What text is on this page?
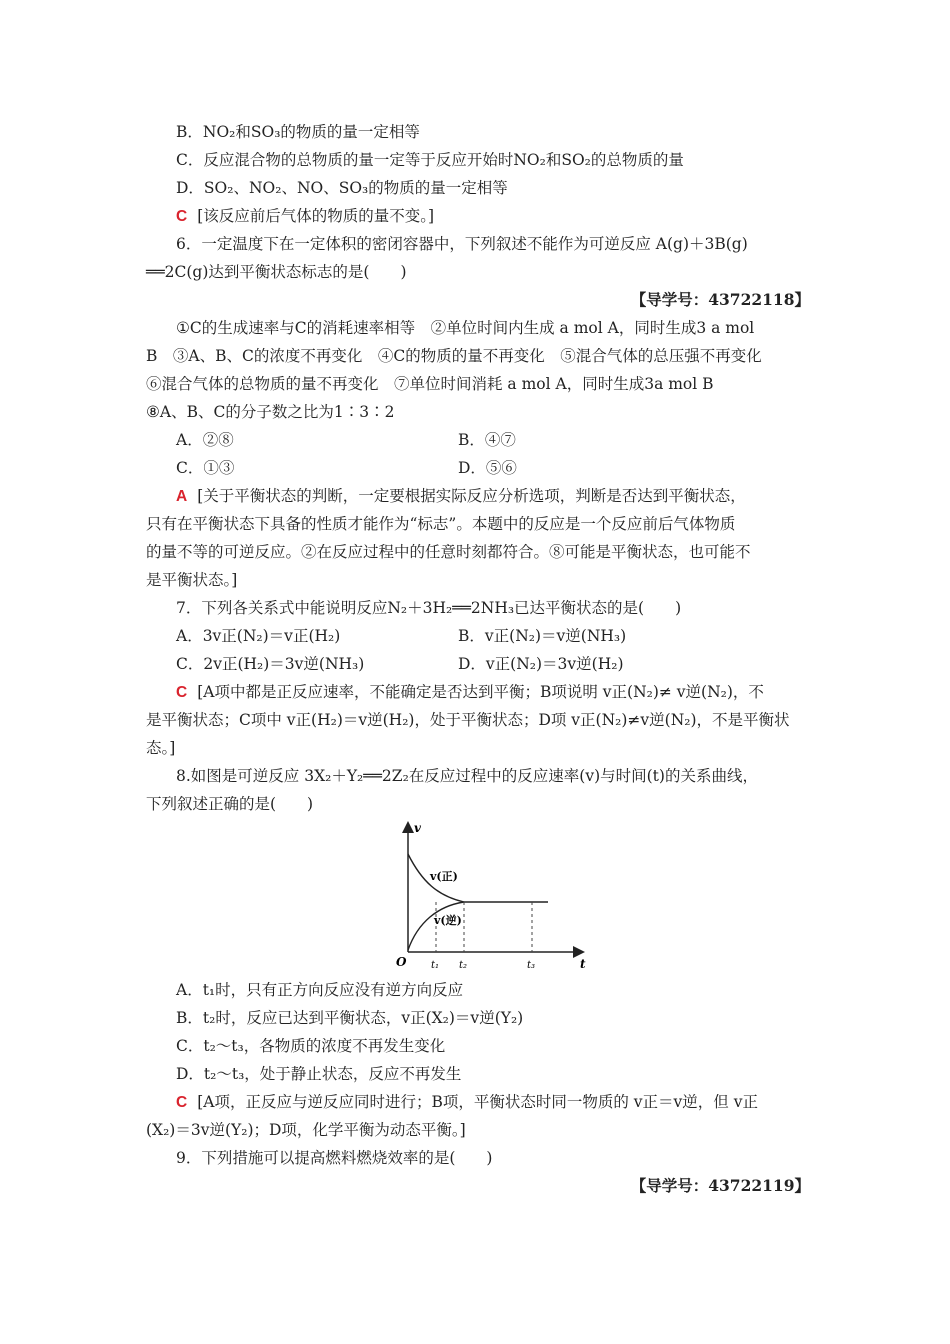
B．NO₂和SO₃的物质的量一定相等
C．反应混合物的总物质的量一定等于反应开始时NO₂和SO₂的总物质的量
D．SO₂、NO₂、NO、SO₃的物质的量一定相等
C [该反应前后气体的物质的量不变。]
6．一定温度下在一定体积的密闭容器中，下列叙述不能作为可逆反应 A(g)＋3B(g)
══2C(g)达到平衡状态标志的是(　　)
【导学号：43722118】
①C的生成速率与C的消耗速率相等　②单位时间内生成 a mol A，同时生成3 a mol
B　③A、B、C的浓度不再变化　④C的物质的量不再变化　⑤混合气体的总压强不再变化
⑥混合气体的总物质的量不再变化　⑦单位时间消耗 a mol A，同时生成3a mol B
⑧A、B、C的分子数之比为1∶3∶2
A．②⑧	B．④⑦
C．①③	D．⑤⑥
A [关于平衡状态的判断，一定要根据实际反应分析选项，判断是否达到平衡状态，
只有在平衡状态下具备的性质才能作为“标志”。本题中的反应是一个反应前后气体物质
的量不等的可逆反应。②在反应过程中的任意时刻都符合。⑧可能是平衡状态，也可能不
是平衡状态。]
7．下列各关系式中能说明反应N₂＋3H₂══2NH₃已达平衡状态的是(　　)
A．3v正(N₂)＝v正(H₂)	B．v正(N₂)＝v逆(NH₃)
C．2v正(H₂)＝3v逆(NH₃)	D．v正(N₂)＝3v逆(H₂)
C [A项中都是正反应速率，不能确定是否达到平衡；B项说明 v正(N₂)≠ v逆(N₂)，不
是平衡状态；C项中 v正(H₂)＝v逆(H₂)，处于平衡状态；D项 v正(N₂)≠v逆(N₂)，不是平衡状
态。]
8.如图是可逆反应 3X₂＋Y₂══2Z₂在反应过程中的反应速率(v)与时间(t)的关系曲线，
下列叙述正确的是(　　)
v
t
O
v(正)
v(逆)
t₁ t₂	t₃
A．t₁时，只有正方向反应没有逆方向反应
B．t₂时，反应已达到平衡状态，v正(X₂)＝v逆(Y₂)
C．t₂～t₃，各物质的浓度不再发生变化
D．t₂～t₃，处于静止状态，反应不再发生
C [A项，正反应与逆反应同时进行；B项，平衡状态时同一物质的 v正＝v逆，但 v正
(X₂)＝3v逆(Y₂)；D项，化学平衡为动态平衡。]
9．下列措施可以提高燃料燃烧效率的是(　　)
【导学号：43722119】
